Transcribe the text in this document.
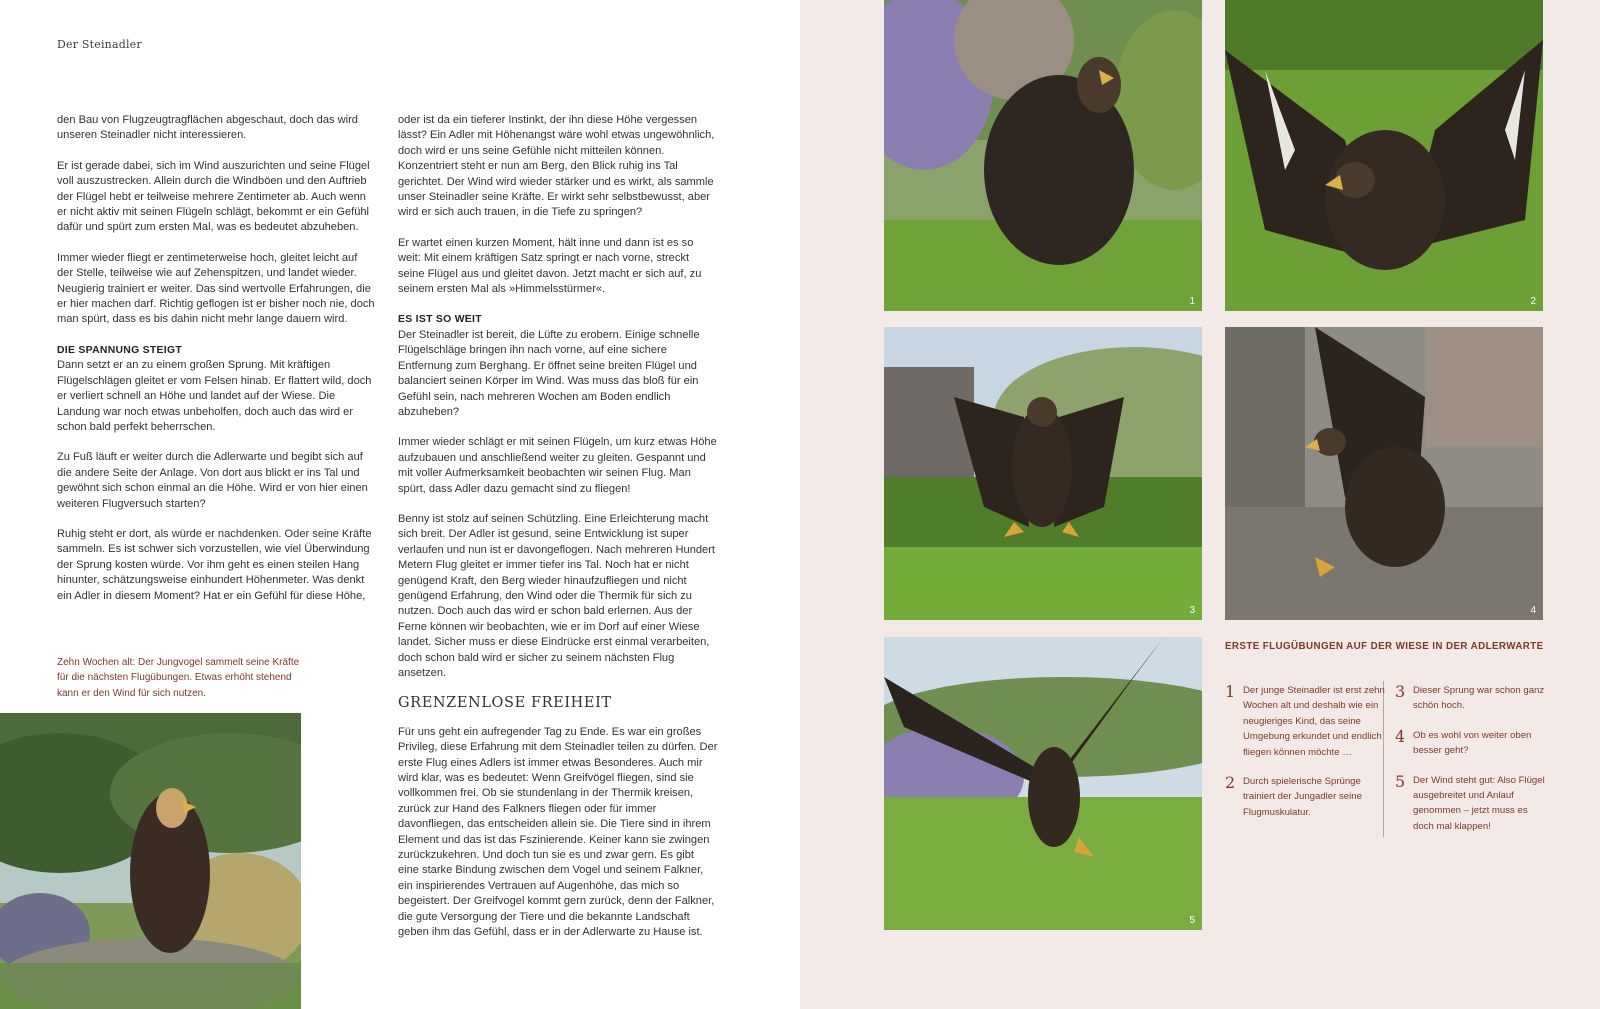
Der Steinadler

den Bau von Flugzeugtragflächen abgeschaut, doch das wird unseren Steinadler nicht interessieren.

Er ist gerade dabei, sich im Wind auszurichten und seine Flügel voll auszustrecken. Allein durch die Windböen und den Auftrieb der Flügel hebt er teilweise mehrere Zentimeter ab. Auch wenn er nicht aktiv mit seinen Flügeln schlägt, bekommt er ein Gefühl dafür und spürt zum ersten Mal, was es bedeutet abzuheben.

Immer wieder fliegt er zentimeterweise hoch, gleitet leicht auf der Stelle, teilweise wie auf Zehenspitzen, und landet wieder. Neugierig trainiert er weiter. Das sind wertvolle Erfahrungen, die er hier machen darf. Richtig geflogen ist er bisher noch nie, doch man spürt, dass es bis dahin nicht mehr lange dauern wird.

DIE SPANNUNG STEIGT
Dann setzt er an zu einem großen Sprung. Mit kräftigen Flügelschlägen gleitet er vom Felsen hinab. Er flattert wild, doch er verliert schnell an Höhe und landet auf der Wiese. Die Landung war noch etwas unbeholfen, doch auch das wird er schon bald perfekt beherrschen.

Zu Fuß läuft er weiter durch die Adlerwarte und begibt sich auf die andere Seite der Anlage. Von dort aus blickt er ins Tal und gewöhnt sich schon einmal an die Höhe. Wird er von hier einen weiteren Flugversuch starten?

Ruhig steht er dort, als würde er nachdenken. Oder seine Kräfte sammeln. Es ist schwer sich vorzustellen, wie viel Überwindung der Sprung kosten würde. Vor ihm geht es einen steilen Hang hinunter, schätzungsweise einhundert Höhenmeter. Was denkt ein Adler in diesem Moment? Hat er ein Gefühl für diese Höhe,

oder ist da ein tieferer Instinkt, der ihn diese Höhe vergessen lässt? Ein Adler mit Höhenangst wäre wohl etwas ungewöhnlich, doch wird er uns seine Gefühle nicht mitteilen können. Konzentriert steht er nun am Berg, den Blick ruhig ins Tal gerichtet. Der Wind wird wieder stärker und es wirkt, als sammle unser Steinadler seine Kräfte. Er wirkt sehr selbstbewusst, aber wird er sich auch trauen, in die Tiefe zu springen?

Er wartet einen kurzen Moment, hält inne und dann ist es so weit: Mit einem kräftigen Satz springt er nach vorne, streckt seine Flügel aus und gleitet davon. Jetzt macht er sich auf, zu seinem ersten Mal als »Himmelsstürmer«.

ES IST SO WEIT
Der Steinadler ist bereit, die Lüfte zu erobern. Einige schnelle Flügelschläge bringen ihn nach vorne, auf eine sichere Entfernung zum Berghang. Er öffnet seine breiten Flügel und balanciert seinen Körper im Wind. Was muss das bloß für ein Gefühl sein, nach mehreren Wochen am Boden endlich abzuheben?

Immer wieder schlägt er mit seinen Flügeln, um kurz etwas Höhe aufzubauen und anschließend weiter zu gleiten. Gespannt und mit voller Aufmerksamkeit beobachten wir seinen Flug. Man spürt, dass Adler dazu gemacht sind zu fliegen!

Benny ist stolz auf seinen Schützling. Eine Erleichterung macht sich breit. Der Adler ist gesund, seine Entwicklung ist super verlaufen und nun ist er davongeflogen. Nach mehreren Hundert Metern Flug gleitet er immer tiefer ins Tal. Noch hat er nicht genügend Kraft, den Berg wieder hinaufzufliegen und nicht genügend Erfahrung, den Wind oder die Thermik für sich zu nutzen. Doch auch das wird er schon bald erlernen. Aus der Ferne können wir beobachten, wie er im Dorf auf einer Wiese landet. Sicher muss er diese Eindrücke erst einmal verarbeiten, doch schon bald wird er sicher zu seinem nächsten Flug ansetzen.

GRENZENLOSE FREIHEIT

Für uns geht ein aufregender Tag zu Ende. Es war ein großes Privileg, diese Erfahrung mit dem Steinadler teilen zu dürfen. Der erste Flug eines Adlers ist immer etwas Besonderes. Auch mir wird klar, was es bedeutet: Wenn Greifvögel fliegen, sind sie vollkommen frei. Ob sie stundenlang in der Thermik kreisen, zurück zur Hand des Falkners fliegen oder für immer davonfliegen, das entscheiden allein sie. Die Tiere sind in ihrem Element und das ist das Fszinierende. Keiner kann sie zwingen zurückzukehren. Und doch tun sie es und zwar gern. Es gibt eine starke Bindung zwischen dem Vogel und seinem Falkner, ein inspirierendes Vertrauen auf Augenhöhe, das mich so begeistert. Der Greifvogel kommt gern zurück, denn der Falkner, die gute Versorgung der Tiere und die bekannte Landschaft geben ihm das Gefühl, dass er in der Adlerwarte zu Hause ist.

Zehn Wochen alt: Der Jungvogel sammelt seine Kräfte für die nächsten Flugübungen. Etwas erhöht stehend kann er den Wind für sich nutzen.
1	2
3	4
5
ERSTE FLUGÜBUNGEN AUF DER WIESE IN DER ADLERWARTE
1 Der junge Steinadler ist erst zehn Wochen alt und deshalb wie ein neugieriges Kind, das seine Umgebung erkundet und endlich fliegen können möchte …
2 Durch spielerische Sprünge trainiert der Jungadler seine Flugmuskulatur.
3 Dieser Sprung war schon ganz schön hoch.
4 Ob es wohl von weiter oben besser geht?
5 Der Wind steht gut: Also Flügel ausgebreitet und Anlauf genommen – jetzt muss es doch mal klappen!
